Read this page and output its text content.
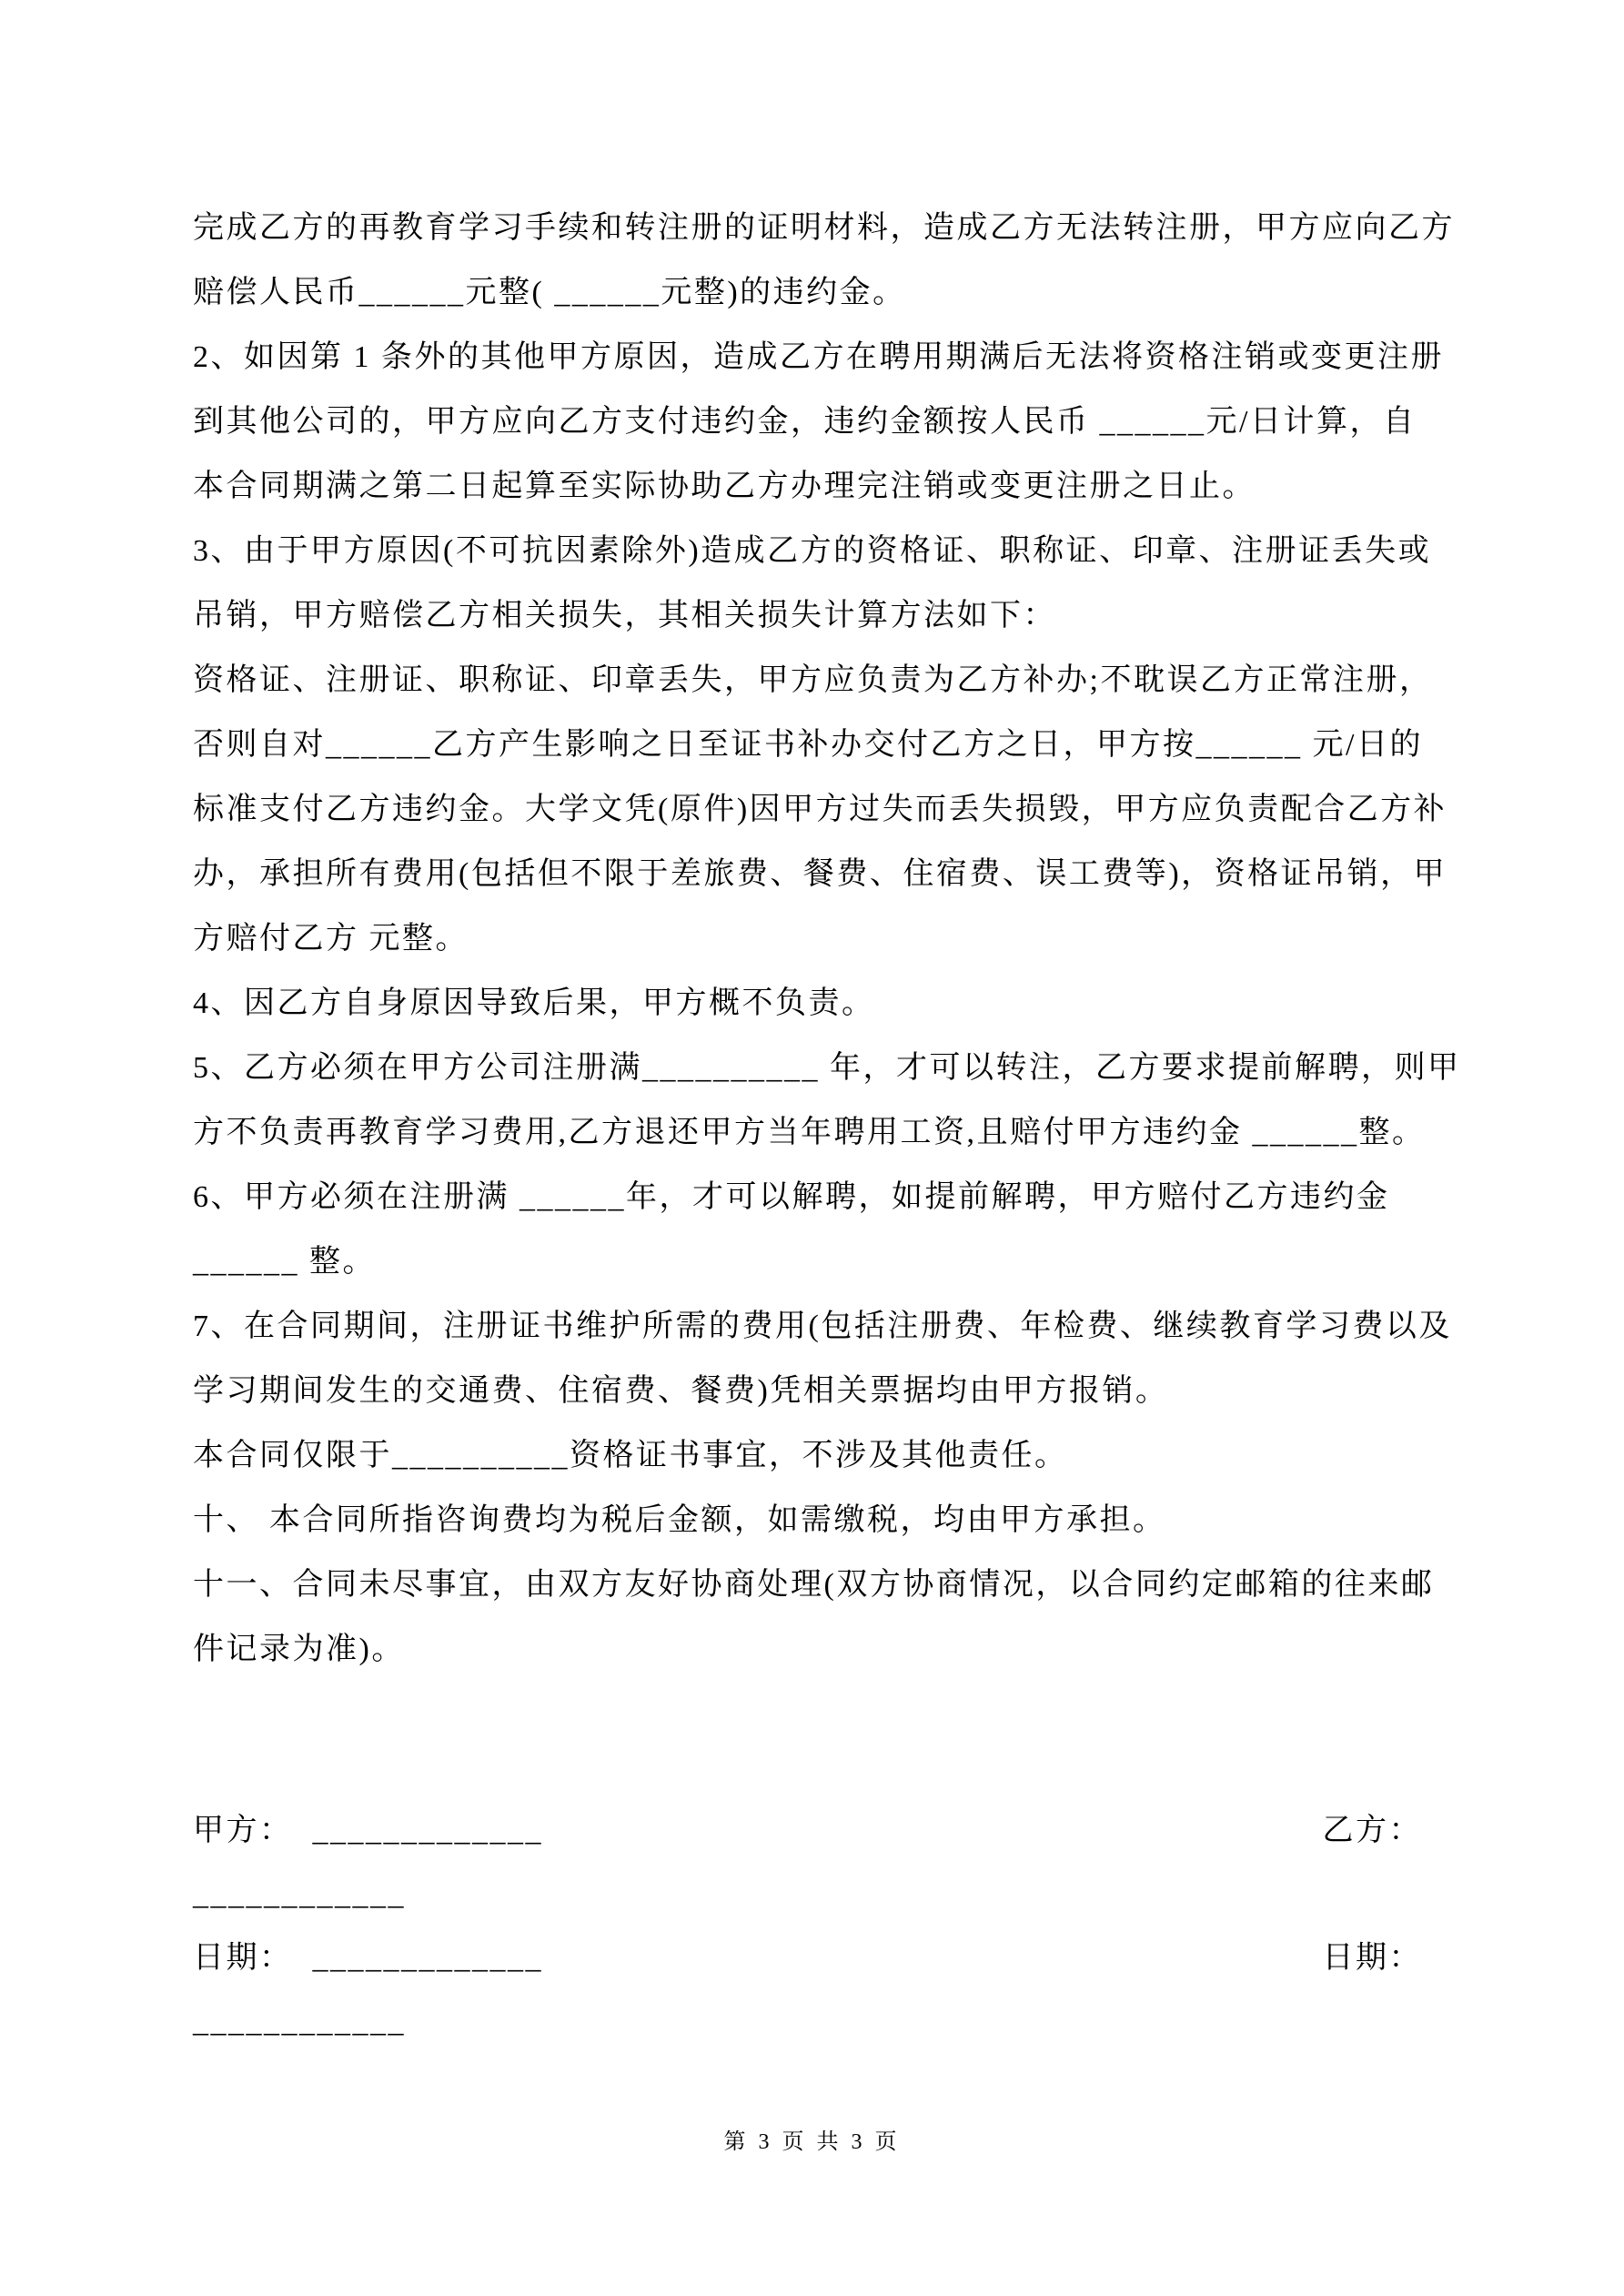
完成乙方的再教育学习手续和转注册的证明材料，造成乙方无法转注册，甲方应向乙方
赔偿人民币______元整( ______元整)的违约金。
2、如因第 1 条外的其他甲方原因，造成乙方在聘用期满后无法将资格注销或变更注册
到其他公司的，甲方应向乙方支付违约金，违约金额按人民币 ______元/日计算，自
本合同期满之第二日起算至实际协助乙方办理完注销或变更注册之日止。
3、由于甲方原因(不可抗因素除外)造成乙方的资格证、职称证、印章、注册证丢失或
吊销，甲方赔偿乙方相关损失，其相关损失计算方法如下：
资格证、注册证、职称证、印章丢失，甲方应负责为乙方补办;不耽误乙方正常注册，
否则自对______乙方产生影响之日至证书补办交付乙方之日，甲方按______ 元/日的
标准支付乙方违约金。大学文凭(原件)因甲方过失而丢失损毁，甲方应负责配合乙方补
办，承担所有费用(包括但不限于差旅费、餐费、住宿费、误工费等)，资格证吊销，甲
方赔付乙方 元整。
4、因乙方自身原因导致后果，甲方概不负责。
5、乙方必须在甲方公司注册满__________ 年，才可以转注，乙方要求提前解聘，则甲
方不负责再教育学习费用,乙方退还甲方当年聘用工资,且赔付甲方违约金 ______整。
6、甲方必须在注册满 ______年，才可以解聘，如提前解聘，甲方赔付乙方违约金
______ 整。
7、在合同期间，注册证书维护所需的费用(包括注册费、年检费、继续教育学习费以及
学习期间发生的交通费、住宿费、餐费)凭相关票据均由甲方报销。
本合同仅限于__________资格证书事宜，不涉及其他责任。
十、 本合同所指咨询费均为税后金额，如需缴税，均由甲方承担。
十一、合同未尽事宜，由双方友好协商处理(双方协商情况，以合同约定邮箱的往来邮
件记录为准)。
甲方： _____________	乙方：
____________
日期： _____________	日期：
____________
第 3 页 共 3 页
